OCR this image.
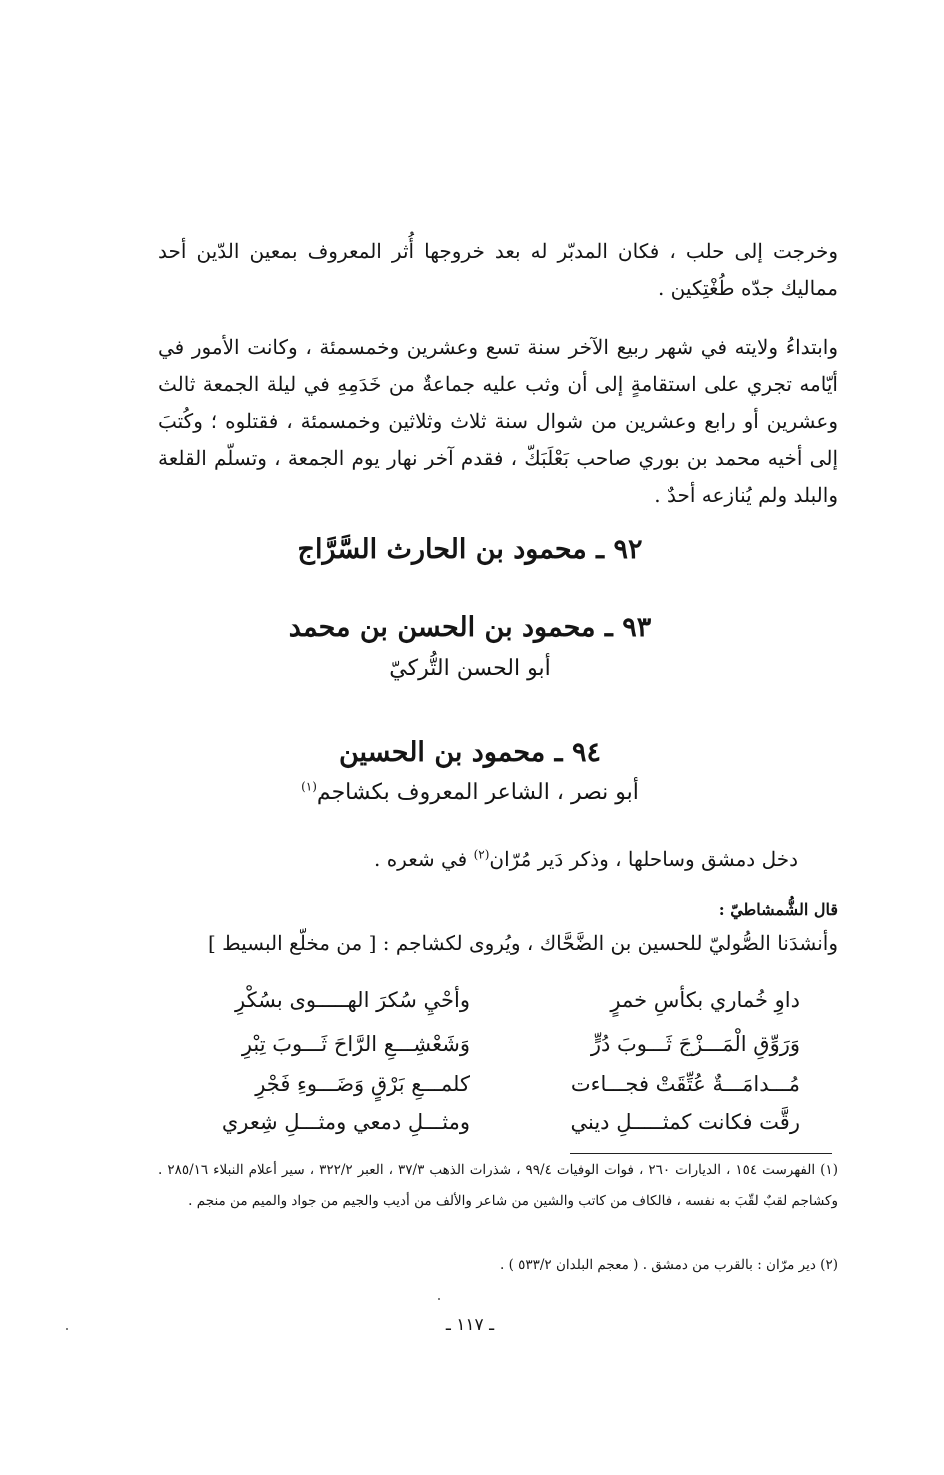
وخرجت إلى حلب ، فكان المدبّر له بعد خروجها أُثر المعروف بمعين الدّين أحد مماليك جدّه طُغْتِكين .

وابتداءُ ولايته في شهر ربيع الآخر سنة تسع وعشرين وخمسمئة ، وكانت الأمور في أيّامه تجري على استقامةٍ إلى أن وثب عليه جماعةٌ من خَدَمِهِ في ليلة الجمعة ثالث وعشرين أو رابع وعشرين من شوال سنة ثلاث وثلاثين وخمسمئة ، فقتلوه ؛ وكُتبَ إلى أخيه محمد بن بوري صاحب بَعْلَبَكّ ، فقدم آخر نهار يوم الجمعة ، وتسلّم القلعة والبلد ولم يُنازعه أحدٌ .

٩٢ ـ محمود بن الحارث السَّرَّاج
٩٣ ـ محمود بن الحسن بن محمد
أبو الحسن التُّركيّ
٩٤ ـ محمود بن الحسين
أبو نصر ، الشاعر المعروف بكشاجم$^{(١)}$
دخل دمشق وساحلها ، وذكر دَير مُرّان$^{(٢)}$ في شعره .
قال الشُّمشاطيّ :
وأنشدَنا الصُّوليّ للحسين بن الضَّحَّاك ، ويُروى لكشاجم : [ من مخلّع البسيط ]
داوِ خُماري بكأسِ خمرٍ
وأحْيِ سُكرَ الهـــــوى بسُكْرِ
وَرَوِّقِ الْمَـــزْجَ ثَـــوبَ دُرٍّ
وَشَعْشِـــعِ الرَّاحَ ثَـــوبَ تِبْرِ
مُـــدامَـــةٌ عُتِّقَتْ فجـــاءت
كلمـــعِ بَرْقٍ وَضَـــوءِ فَجْرِ
رقَّت فكانت كمثـــــلِ ديني
ومثـــلِ دمعي ومثـــلِ شِعري

(١) الفهرست ١٥٤ ، الديارات ٢٦٠ ، فوات الوفيات ٩٩/٤ ، شذرات الذهب ٣٧/٣ ، العبر ٣٢٢/٢ ، سير أعلام النبلاء ٢٨٥/١٦ . وكشاجم لقبٌ لقّبَ به نفسه ، فالكاف من كاتب والشين من شاعر والألف من أديب والجيم من جواد والميم من منجم .

(٢) دير مرّان : بالقرب من دمشق . ( معجم البلدان ٥٣٣/٢ ) .

ـ ١١٧ ـ
